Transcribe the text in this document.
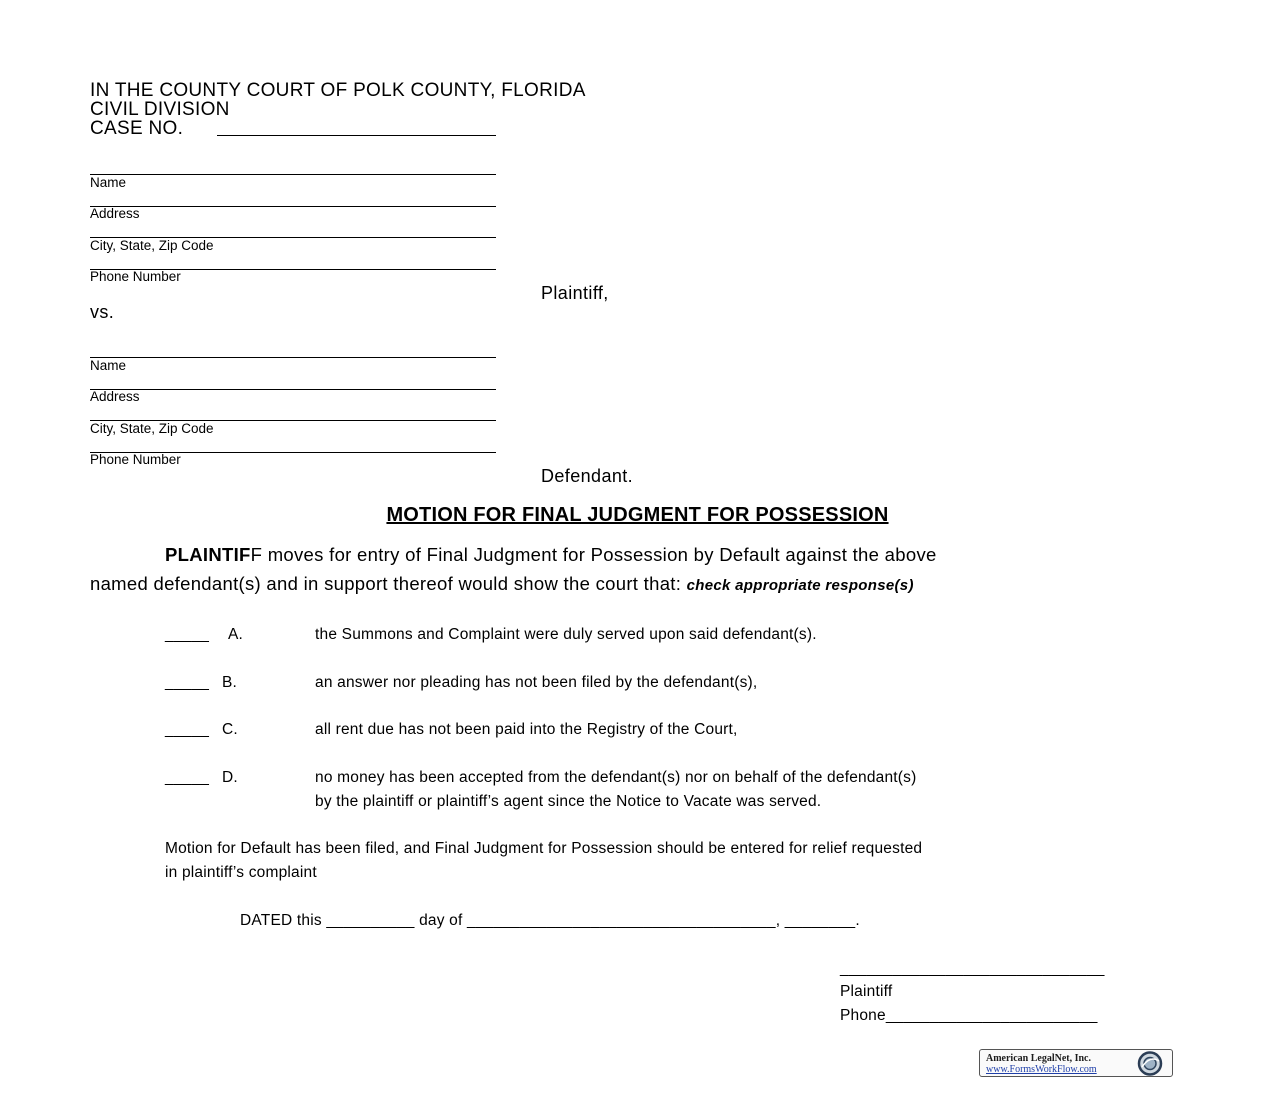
IN THE COUNTY COURT OF POLK COUNTY, FLORIDA
CIVIL DIVISION
CASE NO.
Name
Address
City, State, Zip Code
Phone Number
Plaintiff,
vs.
Name
Address
City, State, Zip Code
Phone Number
Defendant.
MOTION FOR FINAL JUDGMENT FOR POSSESSION
PLAINTIFF moves for entry of Final Judgment for Possession by Default against the above
named defendant(s) and in support thereof would show the court that: check appropriate response(s)
_____ A.	the Summons and Complaint were duly served upon said defendant(s).
_____ B.	an answer nor pleading has not been filed by the defendant(s),
_____ C.	all rent due has not been paid into the Registry of the Court,
_____ D.	no money has been accepted from the defendant(s) nor on behalf of the defendant(s)
by the plaintiff or plaintiff’s agent since the Notice to Vacate was served.
Motion for Default has been filed, and Final Judgment for Possession should be entered for relief requested
in plaintiff’s complaint
DATED this __________ day of ___________________________________, ________.
______________________________
Plaintiff
Phone________________________
American LegalNet, Inc.
www.FormsWorkFlow.com
